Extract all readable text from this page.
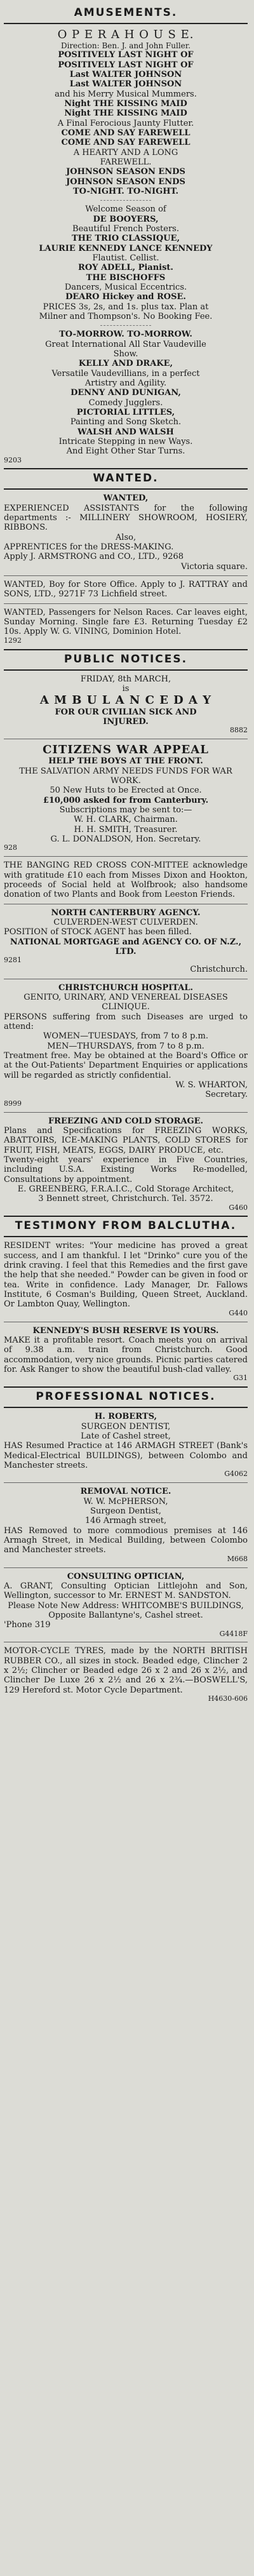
AMUSEMENTS.
O P E R A H O U S E.
Direction: Ben. J. and John Fuller.
POSITIVELY LAST NIGHT OF
POSITIVELY LAST NIGHT OF
Last WALTER JOHNSON
Last WALTER JOHNSON
and his Merry Musical Mummers.
Night THE KISSING MAID
Night THE KISSING MAID
A Final Ferocious Jaunty Flutter.
COME AND SAY FAREWELL
COME AND SAY FAREWELL
A HEARTY AND A LONG
FAREWELL.
JOHNSON SEASON ENDS
JOHNSON SEASON ENDS
TO-NIGHT. TO-NIGHT.
Welcome Season of
DE BOOYERS,
Beautiful French Posters.
THE TRIO CLASSIQUE,
LAURIE KENNEDY LANCE KENNEDY
Flautist. Cellist.
ROY ADELL, Pianist.
THE BISCHOFFS
Dancers, Musical Eccentrics.
DEARO Hickey and ROSE.
PRICES 3s, 2s, and 1s. plus tax. Plan at
Milner and Thompson's. No Booking Fee.
TO-MORROW. TO-MORROW.
Great International All Star Vaudeville
Show.
KELLY AND DRAKE,
Versatile Vaudevillians, in a perfect
Artistry and Agility.
DENNY AND DUNIGAN,
Comedy Jugglers.
PICTORIAL LITTLES,
Painting and Song Sketch.
WALSH AND WALSH
Intricate Stepping in new Ways.
And Eight Other Star Turns.
9203
WANTED.
WANTED,
EXPERIENCED ASSISTANTS for the following departments :- MILLINERY SHOWROOM, HOSIERY, RIBBONS.
Also,
APPRENTICES for the DRESS-MAKING.
Apply J. ARMSTRONG and CO., LTD., 9268
Victoria square.
WANTED, Boy for Store Office. Apply to J. RATTRAY and SONS, LTD., 9271F 73 Lichfield street.
WANTED, Passengers for Nelson Races. Car leaves eight, Sunday Morning. Single fare £3. Returning Tuesday £2 10s. Apply W. G. VINING, Dominion Hotel.
1292
PUBLIC NOTICES.
FRIDAY, 8th MARCH,
is
A M B U L A N C E D A Y
FOR OUR CIVILIAN SICK AND
INJURED.
8882
CITIZENS WAR APPEAL
HELP THE BOYS AT THE FRONT.
THE SALVATION ARMY NEEDS FUNDS FOR WAR WORK.
50 New Huts to be Erected at Once.
£10,000 asked for from Canterbury.
Subscriptions may be sent to:—
W. H. CLARK, Chairman.
H. H. SMITH, Treasurer.
G. L. DONALDSON, Hon. Secretary.
928
THE BANGING RED CROSS CON-MITTEE acknowledge with gratitude £10 each from Misses Dixon and Hookton, proceeds of Social held at Wolfbrook; also handsome donation of two Plants and Book from Leeston Friends.
NORTH CANTERBURY AGENCY.
CULVERDEN-WEST CULVERDEN.
POSITION of STOCK AGENT has been filled.
NATIONAL MORTGAGE and AGENCY CO. OF N.Z., LTD.
9281
Christchurch.
CHRISTCHURCH HOSPITAL.
GENITO, URINARY, AND VENEREAL DISEASES CLINIQUE.
PERSONS suffering from such Diseases are urged to attend:
WOMEN—TUESDAYS, from 7 to 8 p.m.
MEN—THURSDAYS, from 7 to 8 p.m.
Treatment free. May be obtained at the Board's Office or at the Out-Patients' Department Enquiries or applications will be regarded as strictly confidential.
W. S. WHARTON,
Secretary.
8999
FREEZING AND COLD STORAGE.
Plans and Specifications for FREEZING WORKS, ABATTOIRS, ICE-MAKING PLANTS, COLD STORES for FRUIT, FISH, MEATS, EGGS, DAIRY PRODUCE, etc.
Twenty-eight years' experience in Five Countries, including U.S.A. Existing Works Re-modelled, Consultations by appointment.
E. GREENBERG, F.R.A.I.C., Cold Storage Architect,
3 Bennett street, Christchurch. Tel. 3572.
G460
TESTIMONY FROM BALCLUTHA.
RESIDENT writes: "Your medicine has proved a great success, and I am thankful. I let "Drinko" cure you of the drink craving. I feel that this Remedies and the first gave the help that she needed." Powder can be given in food or tea. Write in confidence. Lady Manager, Dr. Fallows Institute, 6 Cosman's Building, Queen Street, Auckland. Or Lambton Quay, Wellington.
G440
KENNEDY'S BUSH RESERVE IS YOURS.
MAKE it a profitable resort. Coach meets you on arrival of 9.38 a.m. train from Christchurch. Good accommodation, very nice grounds. Picnic parties catered for. Ask Ranger to show the beautiful bush-clad valley.
G31
PROFESSIONAL NOTICES.
H. ROBERTS,
SURGEON DENTIST,
Late of Cashel street,
HAS Resumed Practice at 146 ARMAGH STREET (Bank's Medical-Electrical BUILDINGS), between Colombo and Manchester streets.
G4062
REMOVAL NOTICE.
W. W. McPHERSON,
Surgeon Dentist,
146 Armagh street,
HAS Removed to more commodious premises at 146 Armagh Street, in Medical Building, between Colombo and Manchester streets.
M668
CONSULTING OPTICIAN,
A. GRANT, Consulting Optician Littlejohn and Son, Wellington, successor to Mr. ERNEST M. SANDSTON.
Please Note New Address: WHITCOMBE'S BUILDINGS, Opposite Ballantyne's, Cashel street.
'Phone 319
G4418F
MOTOR-CYCLE TYRES, made by the NORTH BRITISH RUBBER CO., all sizes in stock. Beaded edge, Clincher 2 x 2½; Clincher or Beaded edge 26 x 2 and 26 x 2½, and Clincher De Luxe 26 x 2½ and 26 x 2¾.—BOSWELL'S, 129 Hereford st. Motor Cycle Department.
H4630-606
